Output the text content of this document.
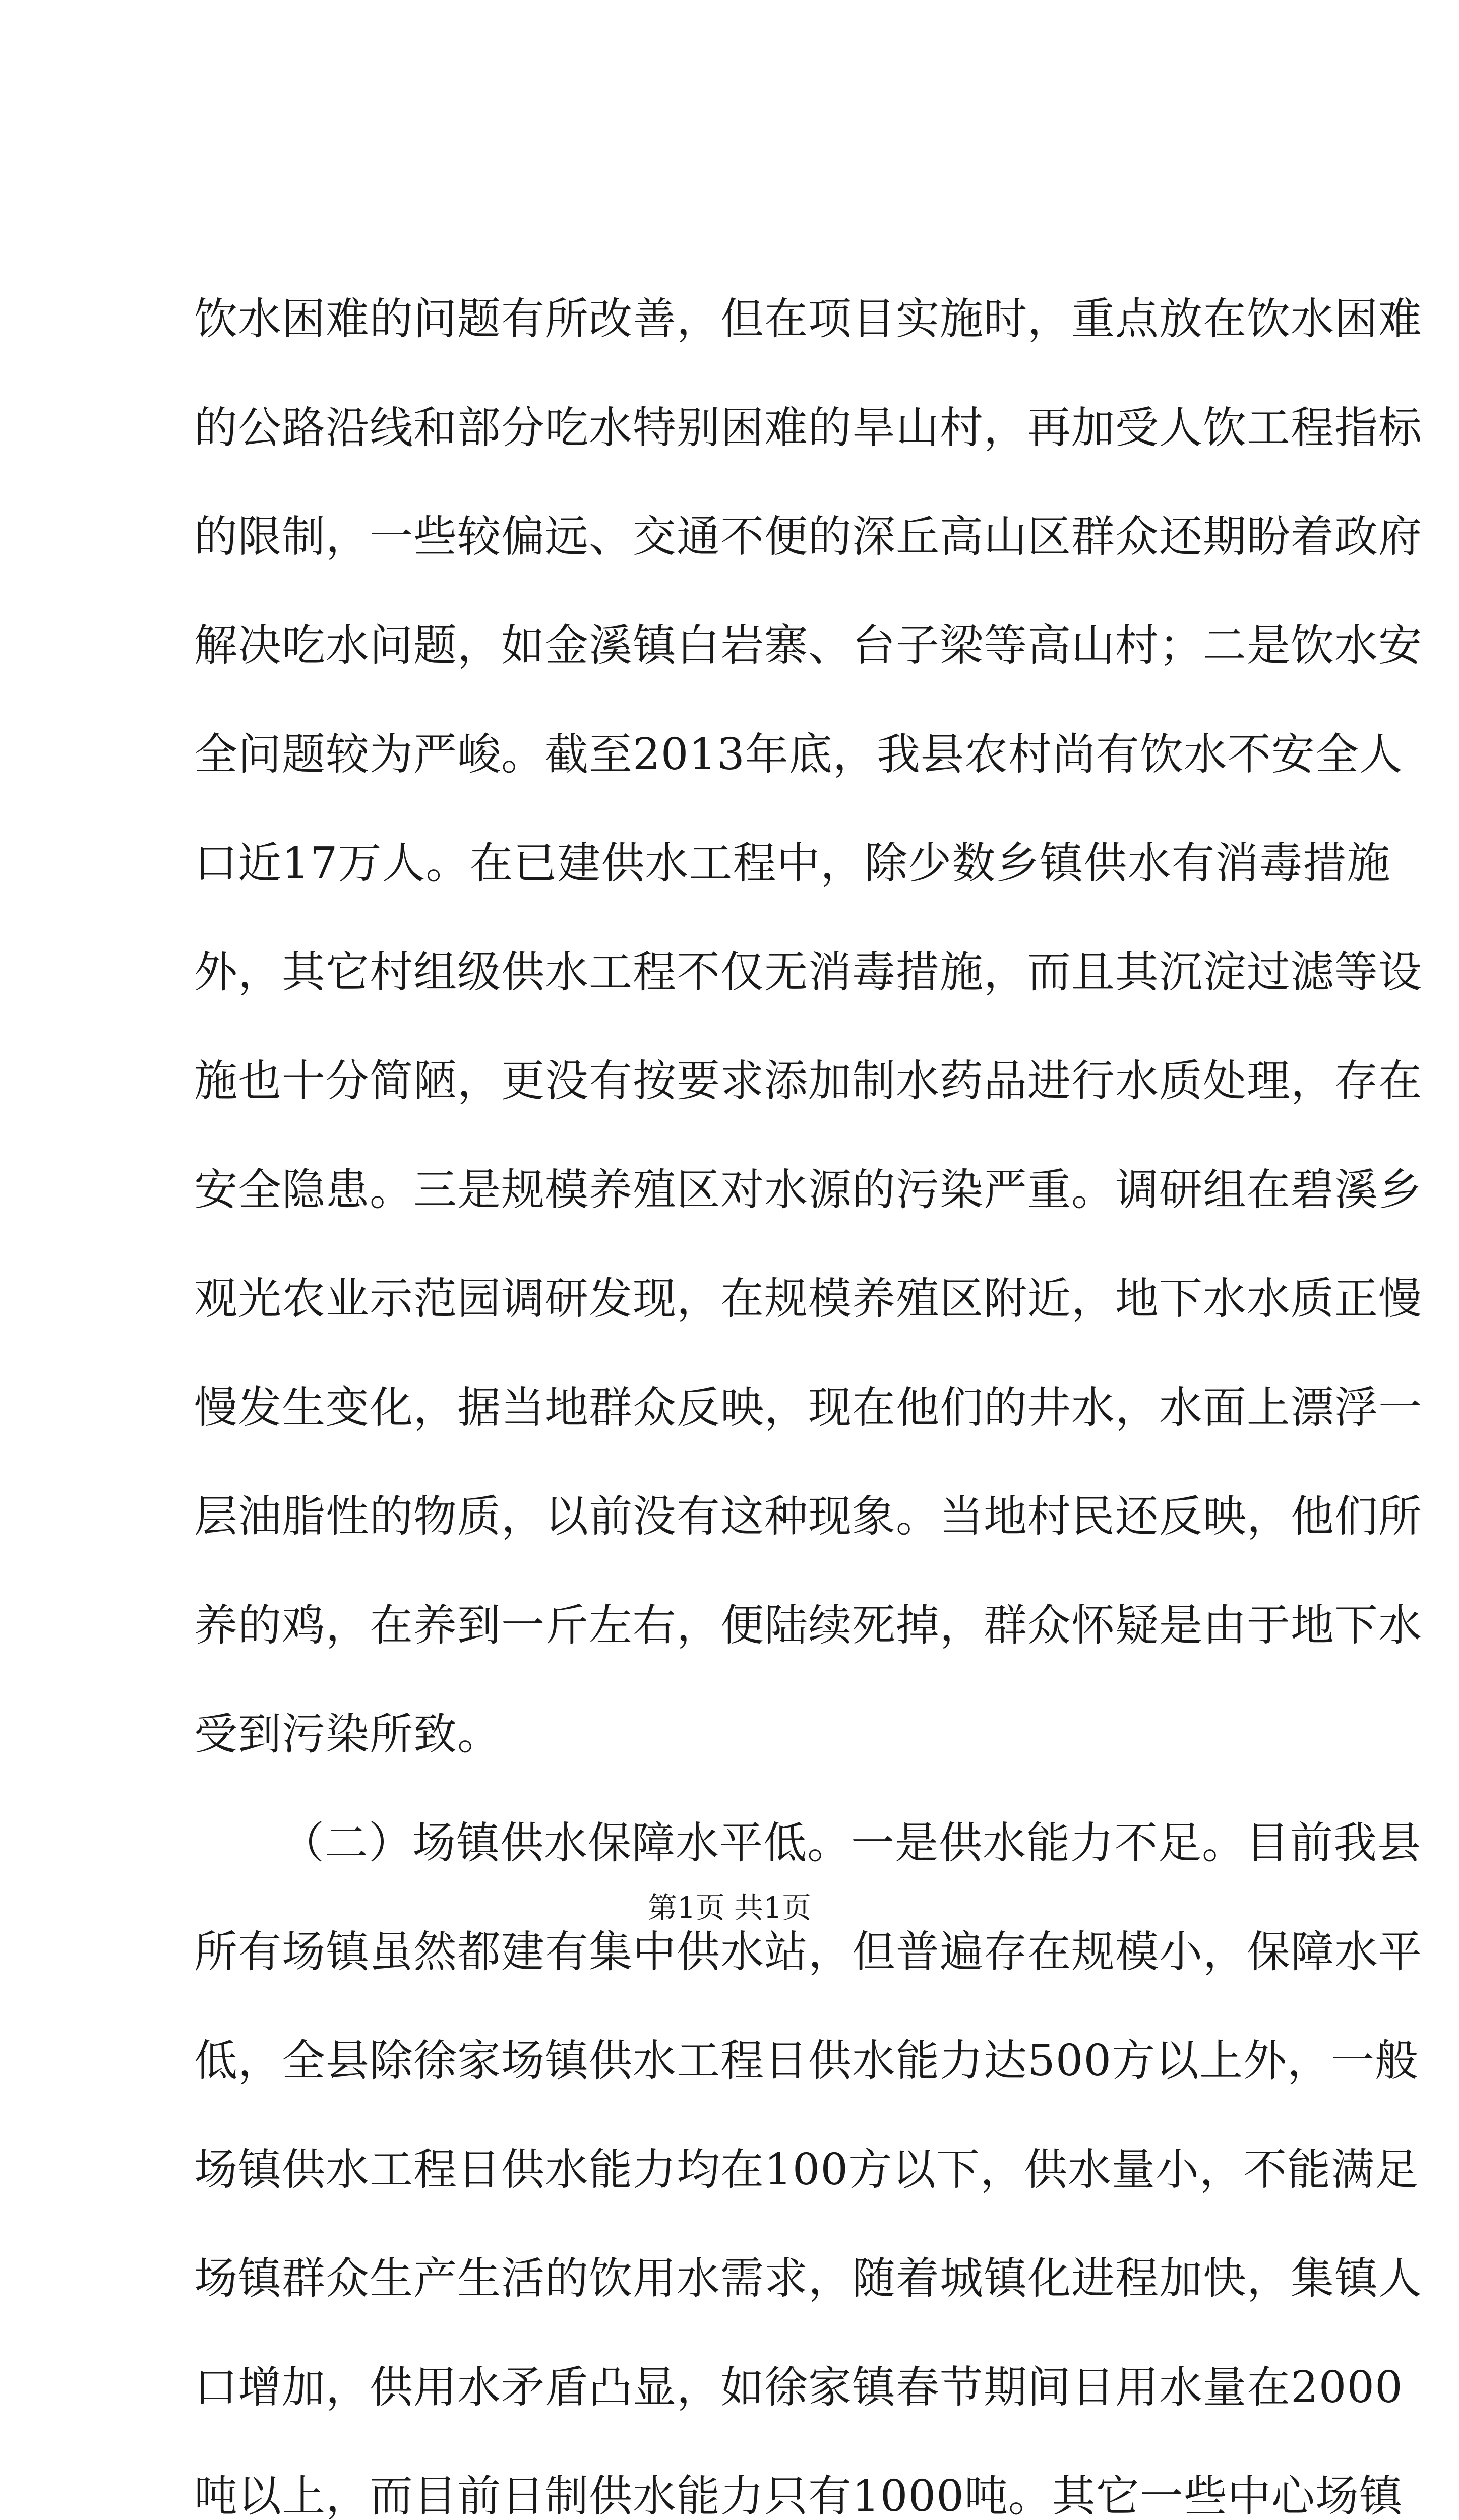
饮水困难的问题有所改善，但在项目实施时，重点放在饮水困难
的公路沿线和部分吃水特别困难的旱山村，再加受人饮工程指标
的限制，一些较偏远、交通不便的深丘高山区群众还期盼着政府
解决吃水问题，如金溪镇白岩寨、台子梁等高山村；二是饮水安
全问题较为严峻。截至2013年底，我县农村尚有饮水不安全人
口近17万人。在已建供水工程中，除少数乡镇供水有消毒措施
外，其它村组级供水工程不仅无消毒措施，而且其沉淀过滤等设
施也十分简陋，更没有按要求添加制水药品进行水质处理，存在
安全隐患。三是规模养殖区对水源的污染严重。调研组在碧溪乡
观光农业示范园调研发现，在规模养殖区附近，地下水水质正慢
慢发生变化，据当地群众反映，现在他们的井水，水面上漂浮一
层油脂性的物质，以前没有这种现象。当地村民还反映，他们所
养的鸡，在养到一斤左右，便陆续死掉，群众怀疑是由于地下水
受到污染所致。
（二）场镇供水保障水平低。一是供水能力不足。目前我县
所有场镇虽然都建有集中供水站，但普遍存在规模小，保障水平
低，全县除徐家场镇供水工程日供水能力达500方以上外，一般
场镇供水工程日供水能力均在100方以下，供水量小，不能满足
场镇群众生产生活的饮用水需求，随着城镇化进程加快，集镇人
口增加，供用水矛盾凸显，如徐家镇春节期间日用水量在2000
吨以上，而目前日制供水能力只有1000吨。其它一些中心场镇
第1页 共1页
